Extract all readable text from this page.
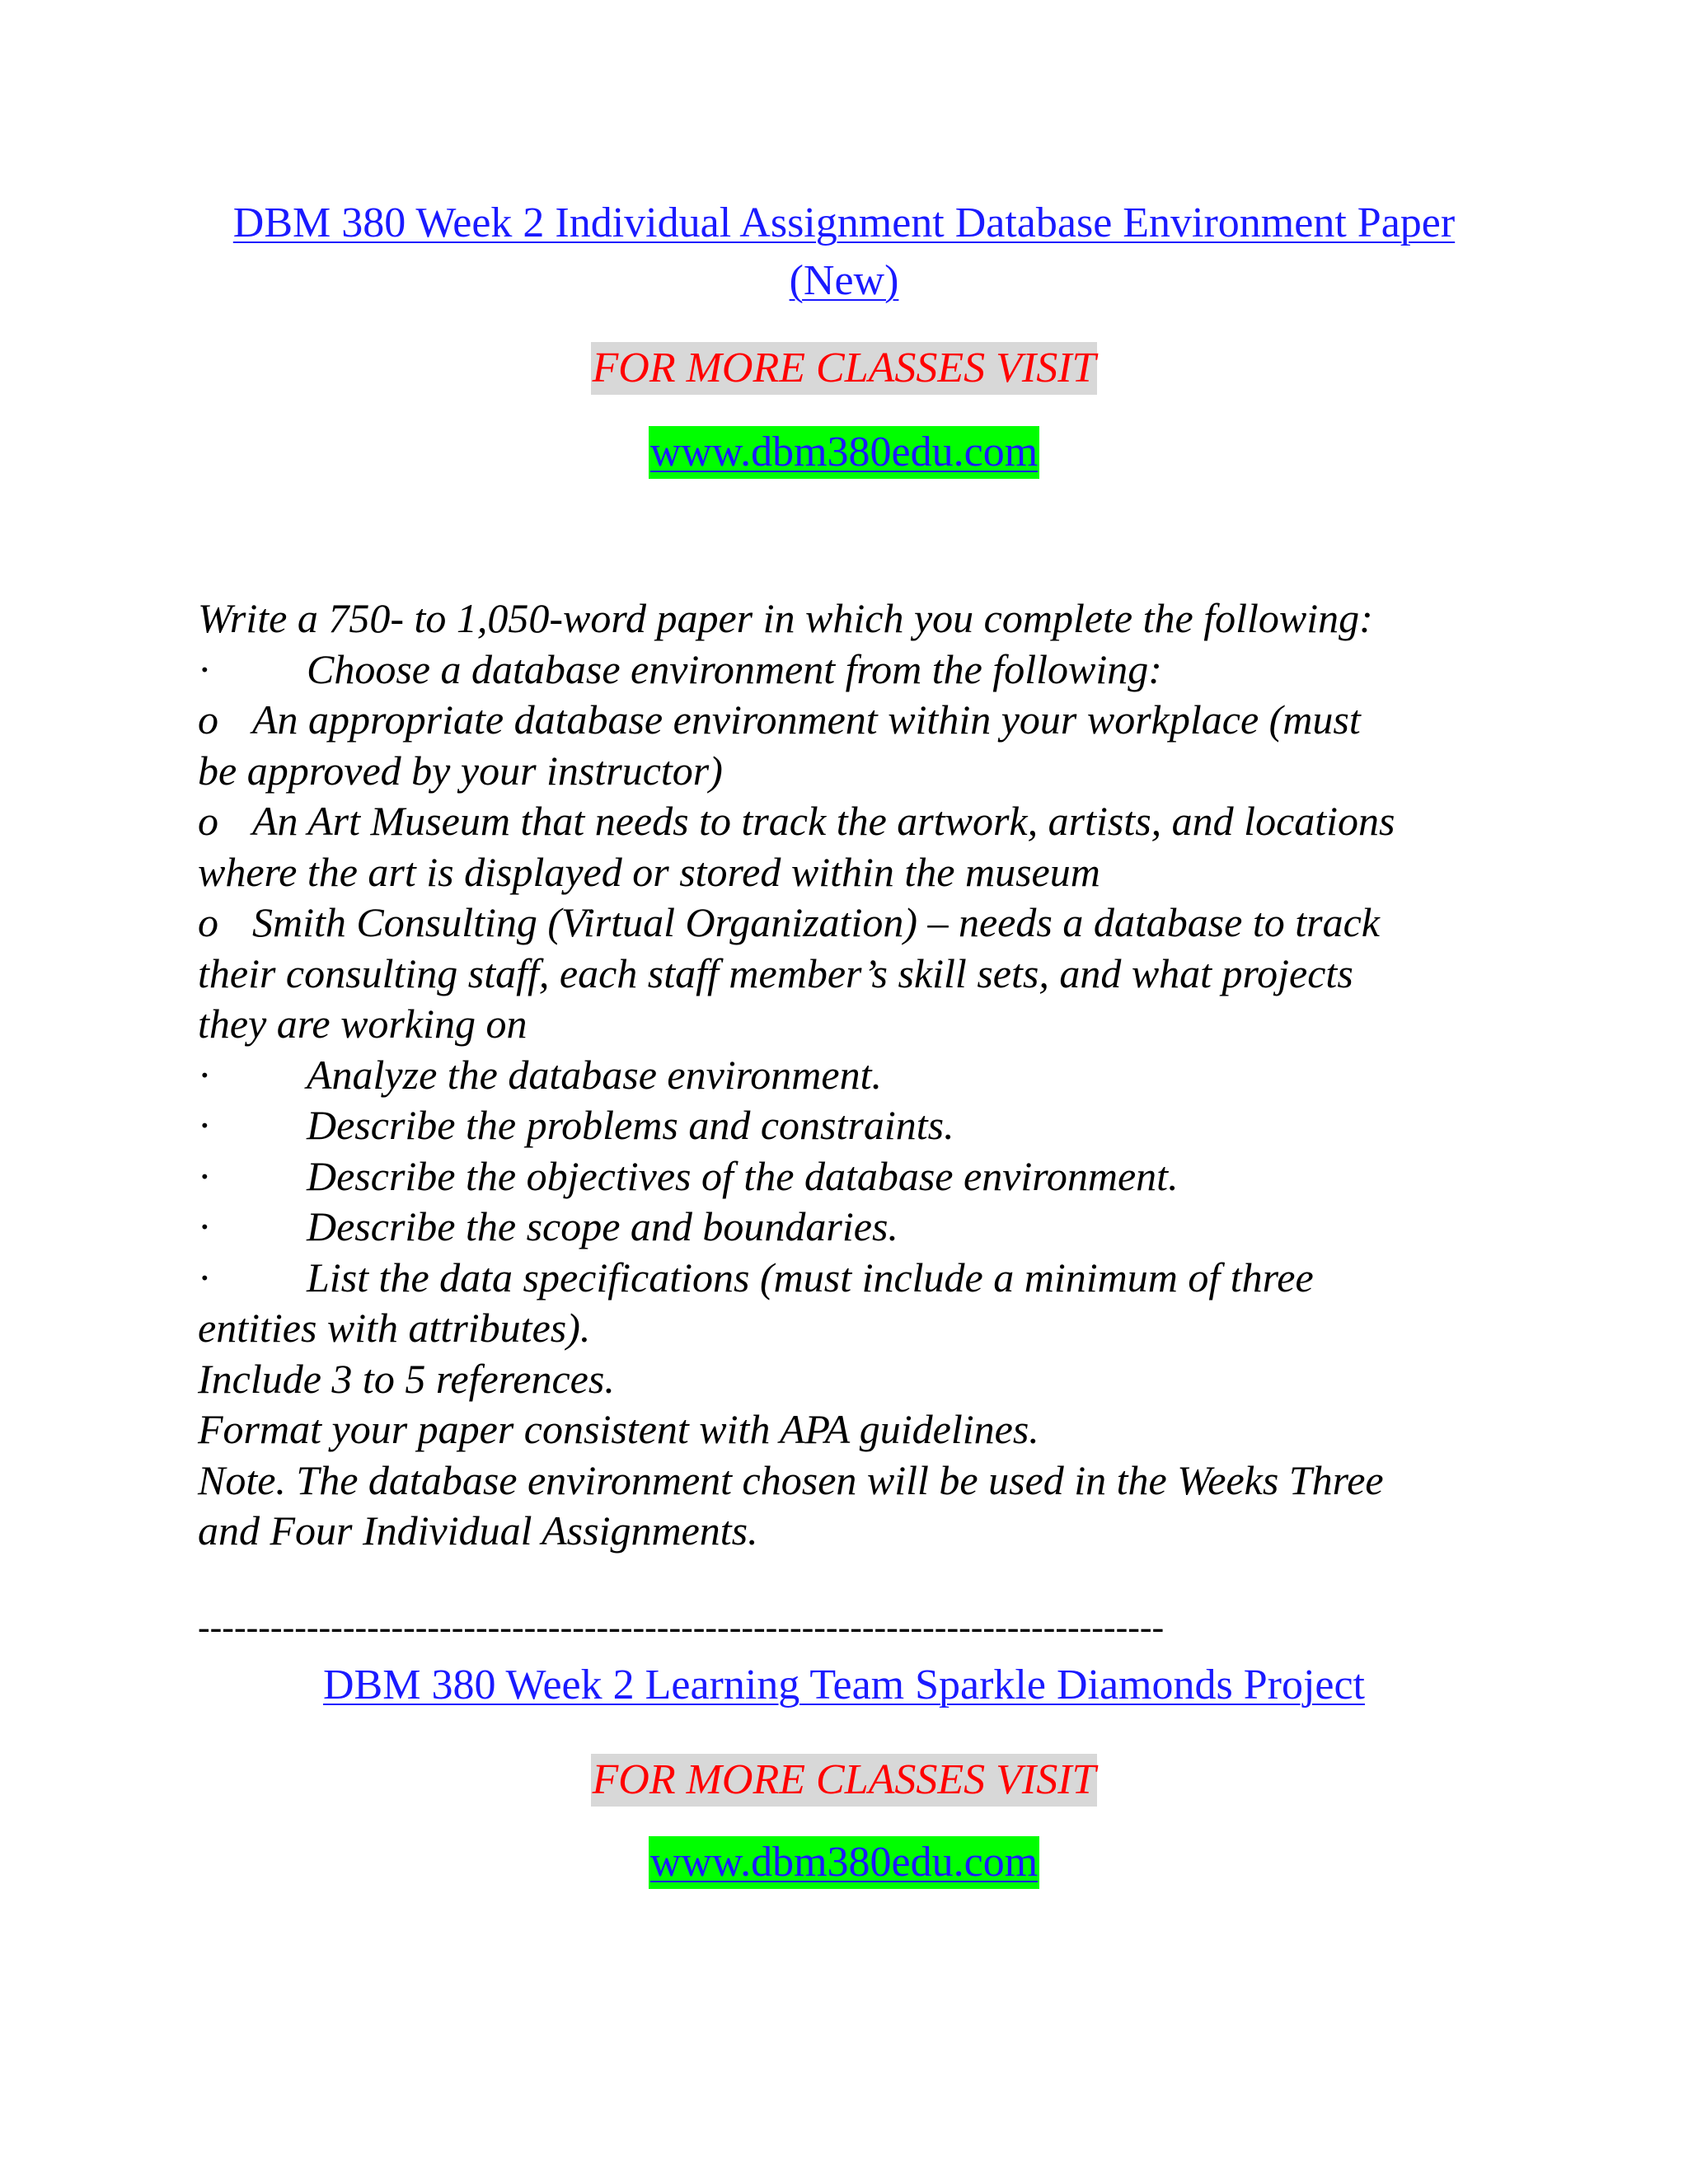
DBM 380 Week 2 Individual Assignment Database Environment Paper
(New)
FOR MORE CLASSES VISIT
www.dbm380edu.com
Write a 750- to 1,050-word paper in which you complete the following:
· Choose a database environment from the following:
o An appropriate database environment within your workplace (must
be approved by your instructor)
o An Art Museum that needs to track the artwork, artists, and locations
where the art is displayed or stored within the museum
o Smith Consulting (Virtual Organization) – needs a database to track
their consulting staff, each staff member’s skill sets, and what projects
they are working on
· Analyze the database environment.
· Describe the problems and constraints.
· Describe the objectives of the database environment.
· Describe the scope and boundaries.
· List the data specifications (must include a minimum of three
entities with attributes).
Include 3 to 5 references.
Format your paper consistent with APA guidelines.
Note. The database environment chosen will be used in the Weeks Three
and Four Individual Assignments.
--------------------------------------------------------------------------------
DBM 380 Week 2 Learning Team Sparkle Diamonds Project
FOR MORE CLASSES VISIT
www.dbm380edu.com
